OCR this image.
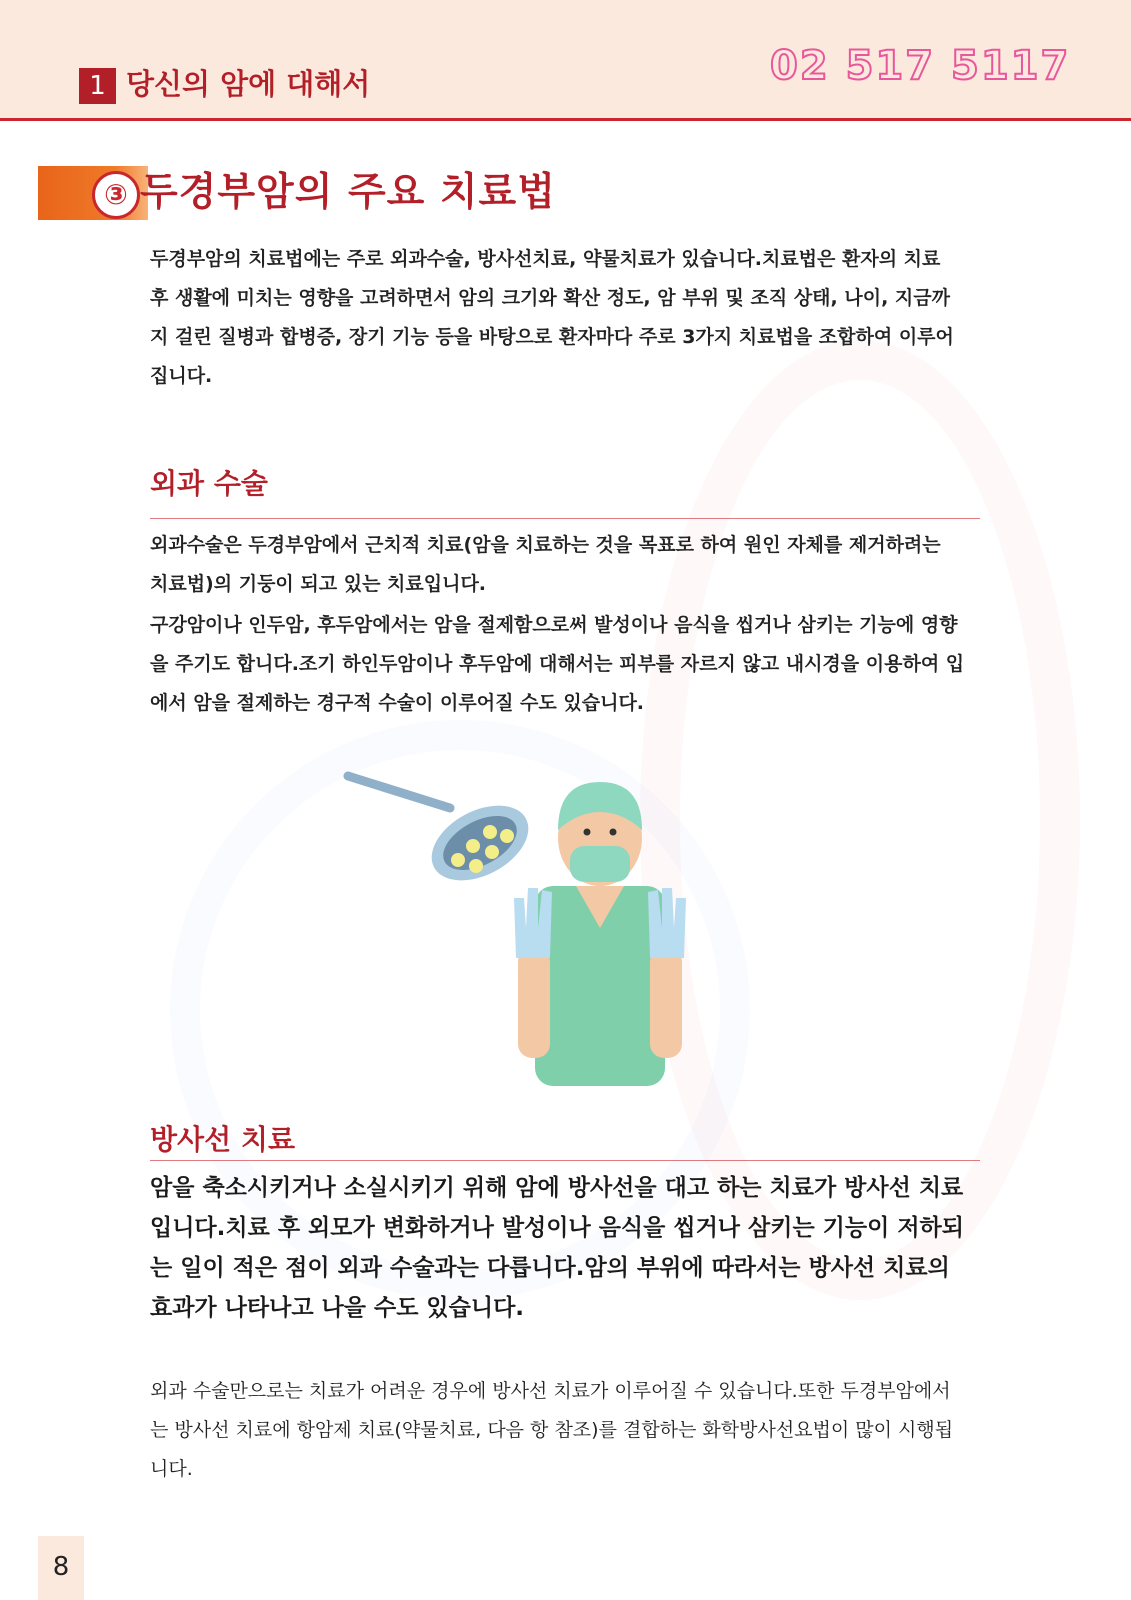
1 당신의 암에 대해서	02 517 5117
③ 두경부암의 주요 치료법

두경부암의 치료법에는 주로 외과수술, 방사선치료, 약물치료가 있습니다.치료법은 환자의 치료 후 생활에 미치는 영향을 고려하면서 암의 크기와 확산 정도, 암 부위 및 조직 상태, 나이, 지금까지 걸린 질병과 합병증, 장기 기능 등을 바탕으로 환자마다 주로 3가지 치료법을 조합하여 이루어집니다.

외과 수술

외과수술은 두경부암에서 근치적 치료(암을 치료하는 것을 목표로 하여 원인 자체를 제거하려는 치료법)의 기둥이 되고 있는 치료입니다.

구강암이나 인두암, 후두암에서는 암을 절제함으로써 발성이나 음식을 씹거나 삼키는 기능에 영향을 주기도 합니다.조기 하인두암이나 후두암에 대해서는 피부를 자르지 않고 내시경을 이용하여 입에서 암을 절제하는 경구적 수술이 이루어질 수도 있습니다.

방사선 치료

암을 축소시키거나 소실시키기 위해 암에 방사선을 대고 하는 치료가 방사선 치료입니다.치료 후 외모가 변화하거나 발성이나 음식을 씹거나 삼키는 기능이 저하되는 일이 적은 점이 외과 수술과는 다릅니다.암의 부위에 따라서는 방사선 치료의 효과가 나타나고 나을 수도 있습니다.

외과 수술만으로는 치료가 어려운 경우에 방사선 치료가 이루어질 수 있습니다.또한 두경부암에서는 방사선 치료에 항암제 치료(약물치료, 다음 항 참조)를 결합하는 화학방사선요법이 많이 시행됩니다.

8
